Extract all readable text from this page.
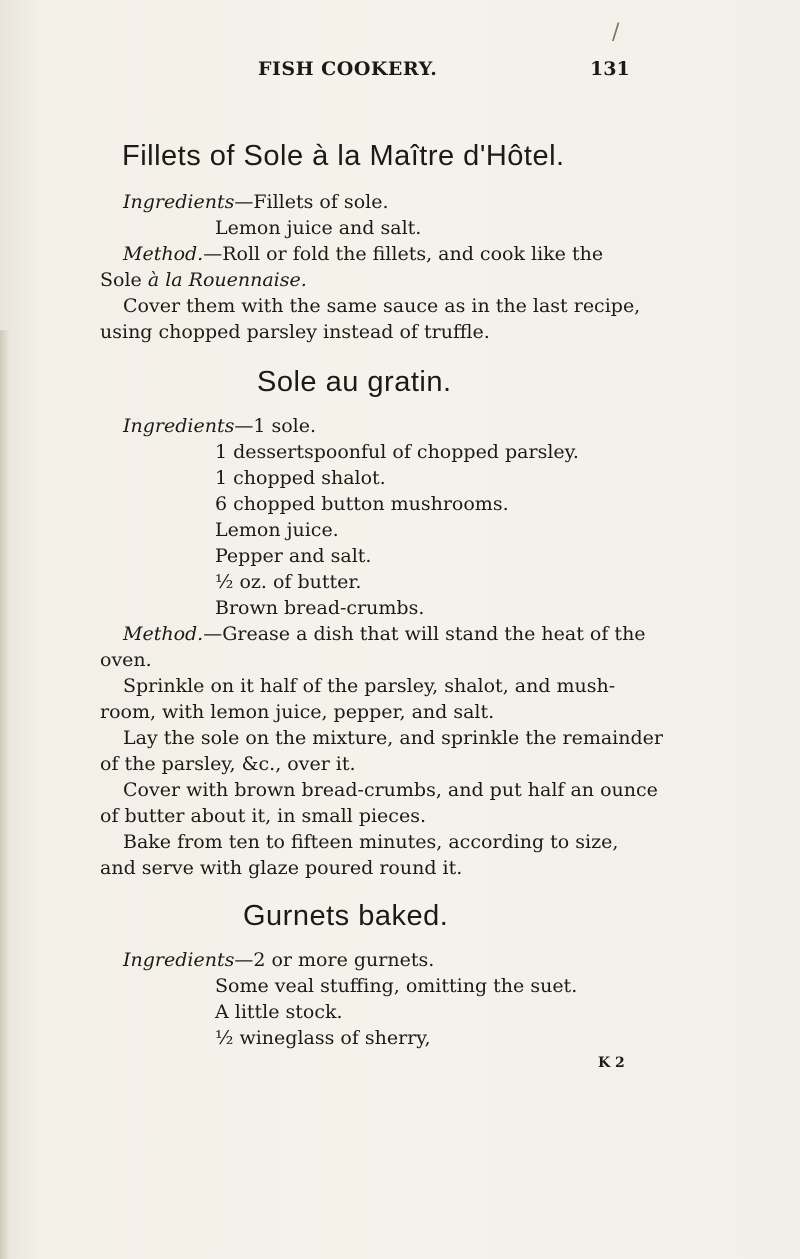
FISH COOKERY.	131
/
Fillets of Sole à la Maître d'Hôtel.
Ingredients—Fillets of sole.
Lemon juice and salt.
Method.—Roll or fold the fillets, and cook like the
Sole à la Rouennaise.
Cover them with the same sauce as in the last recipe,
using chopped parsley instead of truffle.
Sole au gratin.
Ingredients—1 sole.
1 dessertspoonful of chopped parsley.
1 chopped shalot.
6 chopped button mushrooms.
Lemon juice.
Pepper and salt.
½ oz. of butter.
Brown bread-crumbs.
Method.—Grease a dish that will stand the heat of the
oven.
Sprinkle on it half of the parsley, shalot, and mush-
room, with lemon juice, pepper, and salt.
Lay the sole on the mixture, and sprinkle the remainder
of the parsley, &c., over it.
Cover with brown bread-crumbs, and put half an ounce
of butter about it, in small pieces.
Bake from ten to fifteen minutes, according to size,
and serve with glaze poured round it.
Gurnets baked.
Ingredients—2 or more gurnets.
Some veal stuffing, omitting the suet.
A little stock.
½ wineglass of sherry,
K 2
